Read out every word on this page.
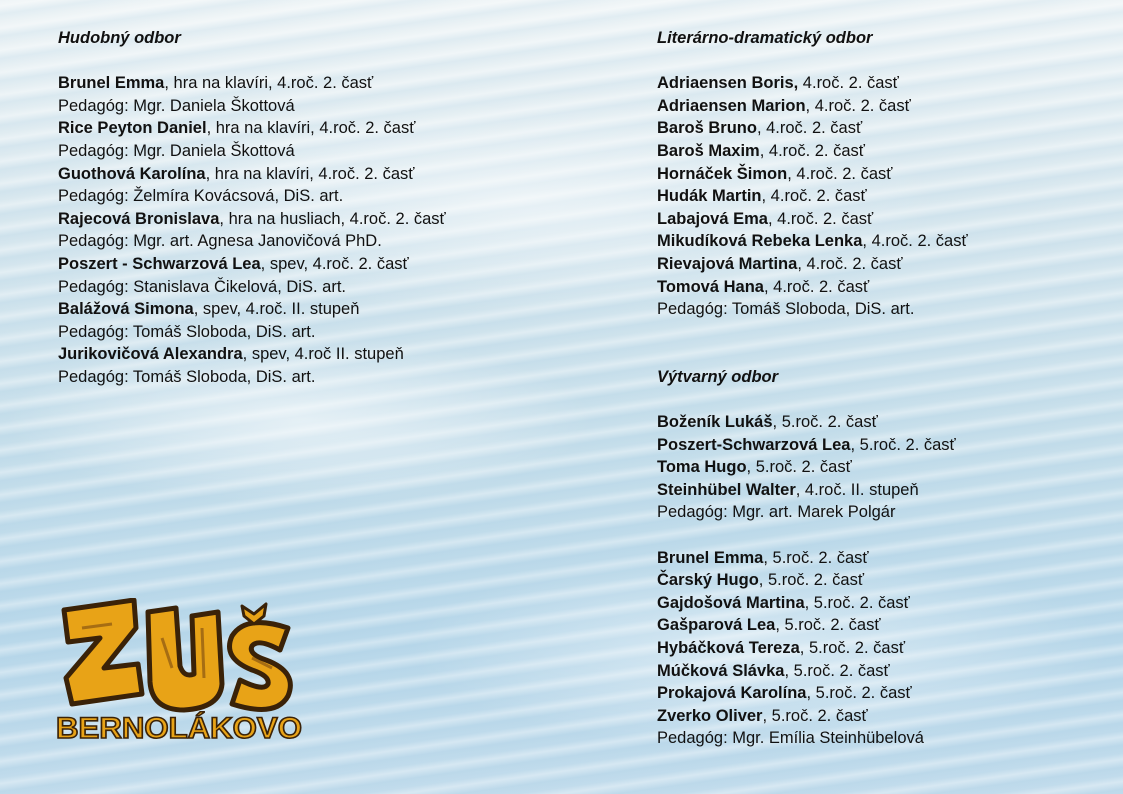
Hudobný odbor
Brunel Emma, hra na klavíri, 4.roč. 2. časť
Pedagóg: Mgr. Daniela Škottová
Rice Peyton Daniel, hra na klavíri, 4.roč. 2. časť
Pedagóg: Mgr. Daniela Škottová
Guothová Karolína, hra na klavíri, 4.roč. 2. časť
Pedagóg: Želmíra Kovácsová, DiS. art.
Rajecová Bronislava, hra na husliach, 4.roč. 2. časť
Pedagóg: Mgr. art. Agnesa Janovičová PhD.
Poszert - Schwarzová Lea, spev, 4.roč. 2. časť
Pedagóg: Stanislava Čikelová, DiS. art.
Balážová Simona, spev, 4.roč. II. stupeň
Pedagóg: Tomáš Sloboda, DiS. art.
Jurikovičová Alexandra, spev, 4.roč II. stupeň
Pedagóg: Tomáš Sloboda, DiS. art.
Literárno-dramatický odbor
Adriaensen Boris, 4.roč. 2. časť
Adriaensen Marion, 4.roč. 2. časť
Baroš Bruno, 4.roč. 2. časť
Baroš Maxim, 4.roč. 2. časť
Hornáček Šimon, 4.roč. 2. časť
Hudák Martin, 4.roč. 2. časť
Labajová Ema, 4.roč. 2. časť
Mikudíková Rebeka Lenka, 4.roč. 2. časť
Rievajová Martina, 4.roč. 2. časť
Tomová Hana, 4.roč. 2. časť
Pedagóg: Tomáš Sloboda, DiS. art.
Výtvarný odbor
Boženík Lukáš, 5.roč. 2. časť
Poszert-Schwarzová Lea, 5.roč. 2. časť
Toma Hugo, 5.roč. 2. časť
Steinhübel Walter, 4.roč. II. stupeň
Pedagóg: Mgr. art. Marek Polgár
Brunel Emma, 5.roč. 2. časť
Čarský Hugo, 5.roč. 2. časť
Gajdošová Martina, 5.roč. 2. časť
Gašparová Lea, 5.roč. 2. časť
Hybáčková Tereza, 5.roč. 2. časť
Múčková Slávka, 5.roč. 2. časť
Prokajová Karolína, 5.roč. 2. časť
Zverko Oliver, 5.roč. 2. časť
Pedagóg: Mgr. Emília Steinhübelová
BERNOLÁKOVO
